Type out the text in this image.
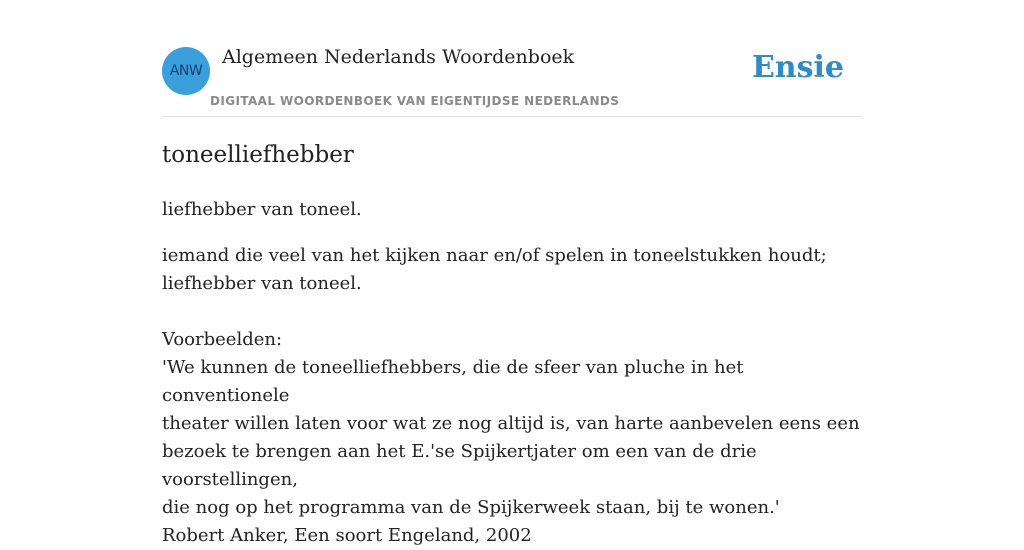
ANW
Algemeen Nederlands Woordenboek
DIGITAAL WOORDENBOEK VAN EIGENTIJDSE NEDERLANDS
Ensie
toneelliefhebber

liefhebber van toneel.

iemand die veel van het kijken naar en/of spelen in toneelstukken houdt;
liefhebber van toneel.

Voorbeelden:
'We kunnen de toneelliefhebbers, die de sfeer van pluche in het conventionele
theater willen laten voor wat ze nog altijd is, van harte aanbevelen eens een
bezoek te brengen aan het E.'se Spijkertjater om een van de drie voorstellingen,
die nog op het programma van de Spijkerweek staan, bij te wonen.'
Robert Anker, Een soort Engeland, 2002
